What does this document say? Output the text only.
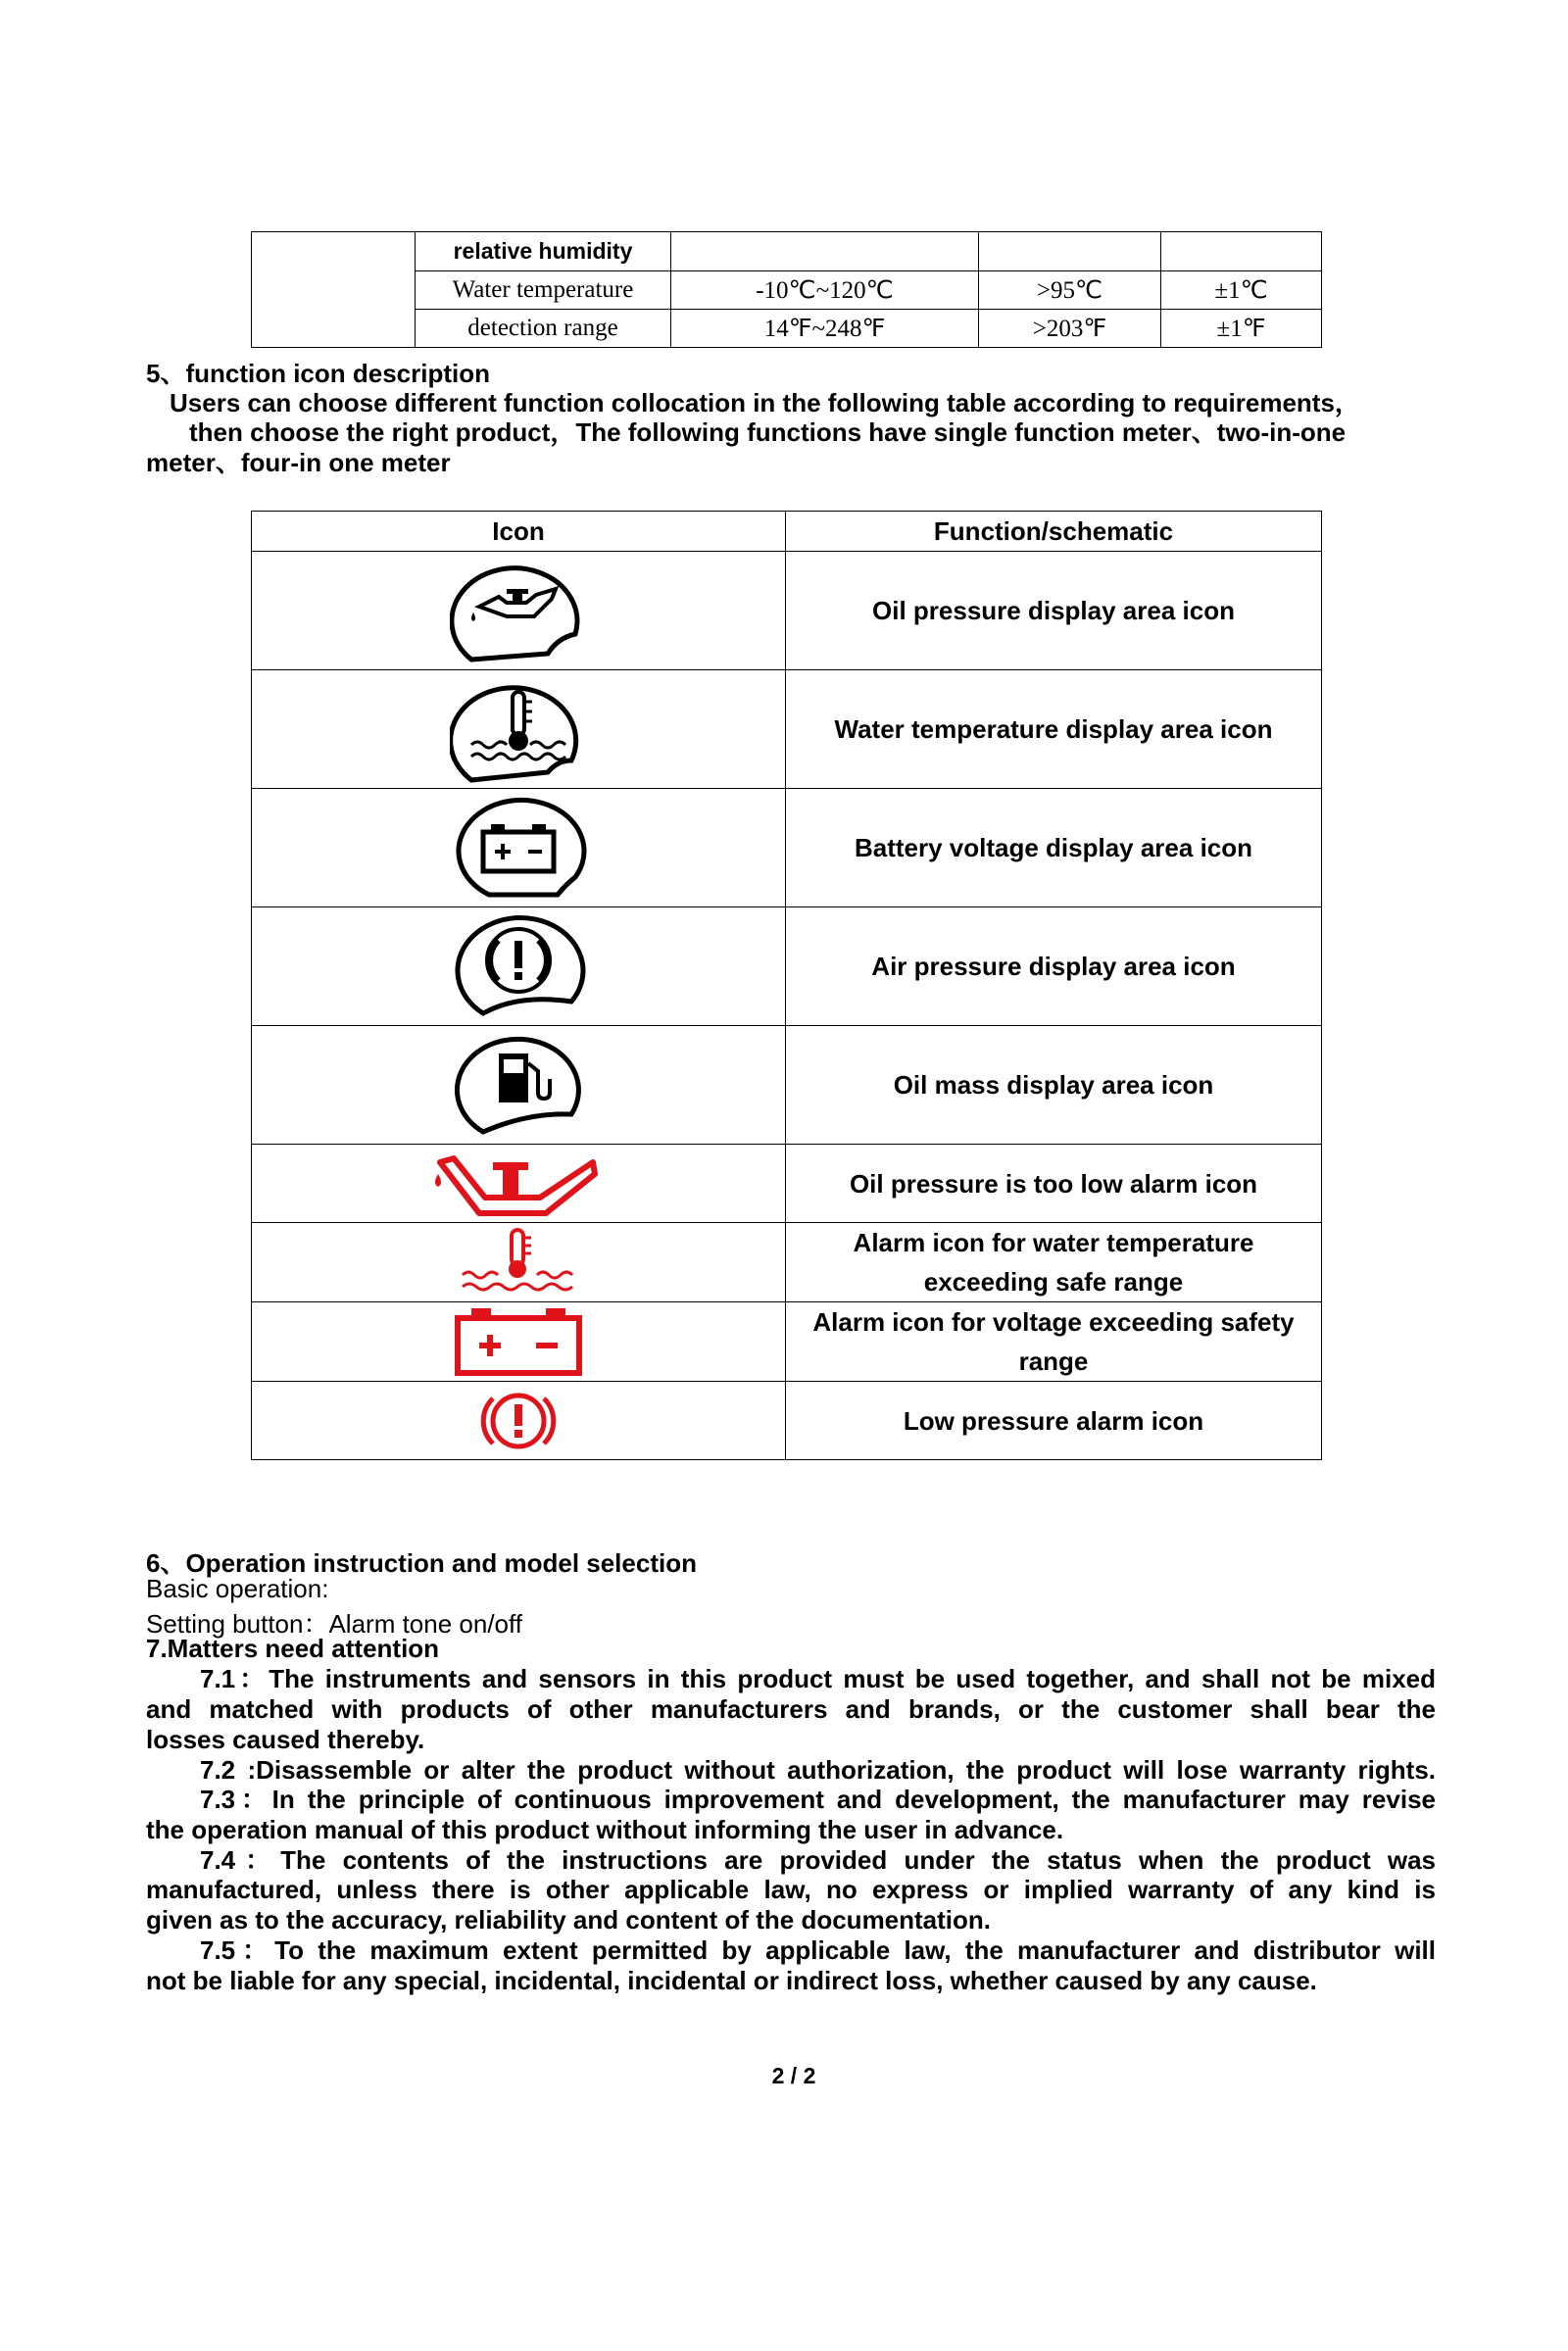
	relative humidity			
	Water temperature	-10℃~120℃	>95℃	±1℃
	detection range	14℉~248℉	>203℉	±1℉
5、function icon description
Users can choose different function collocation in the following table according to requirements，
then choose the right product，The following functions have single function meter、two-in-one
meter、four-in one meter
Icon	Function/schematic

	Oil pressure display area icon

	Water temperature display area icon

	Battery voltage display area icon

	Air pressure display area icon

	Oil mass display area icon

	Oil pressure is too low alarm icon

Alarm icon for water temperature
exceeding safe range

Alarm icon for voltage exceeding safety
range

	Low pressure alarm icon
6、Operation instruction and model selection
Basic operation:
Setting button：Alarm tone on/off
7.Matters need attention
7.1：The instruments and sensors in this product must be used together, and shall not be mixed
and matched with products of other manufacturers and brands, or the customer shall bear the
losses caused thereby.
7.2 :Disassemble or alter the product without authorization, the product will lose warranty rights.
7.3：In the principle of continuous improvement and development, the manufacturer may revise
the operation manual of this product without informing the user in advance.
7.4：The contents of the instructions are provided under the status when the product was
manufactured, unless there is other applicable law, no express or implied warranty of any kind is
given as to the accuracy, reliability and content of the documentation.
7.5：To the maximum extent permitted by applicable law, the manufacturer and distributor will
not be liable for any special, incidental, incidental or indirect loss, whether caused by any cause.
2 / 2
